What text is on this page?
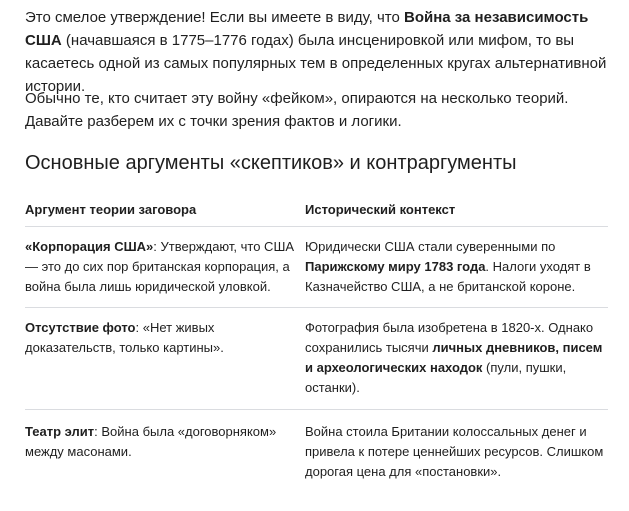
Это смелое утверждение! Если вы имеете в виду, что Война за независимость США (начавшаяся в 1775–1776 годах) была инсценировкой или мифом, то вы касаетесь одной из самых популярных тем в определенных кругах альтернативной истории.

Обычно те, кто считает эту войну «фейком», опираются на несколько теорий. Давайте разберем их с точки зрения фактов и логики.

Основные аргументы «скептиков» и контраргументы
Аргумент теории заговора	Исторический контекст
«Корпорация США»: Утверждают, что США — это до сих пор британская корпорация, а война была лишь юридической уловкой.
Юридически США стали суверенными по Парижскому миру 1783 года. Налоги уходят в Казначейство США, а не британской короне.
Отсутствие фото: «Нет живых доказательств, только картины».
Фотография была изобретена в 1820-х. Однако сохранились тысячи личных дневников, писем и археологических находок (пули, пушки, останки).
Театр элит: Война была «договорняком» между масонами.
Война стоила Британии колоссальных денег и привела к потере ценнейших ресурсов. Слишком дорогая цена для «постановки».
